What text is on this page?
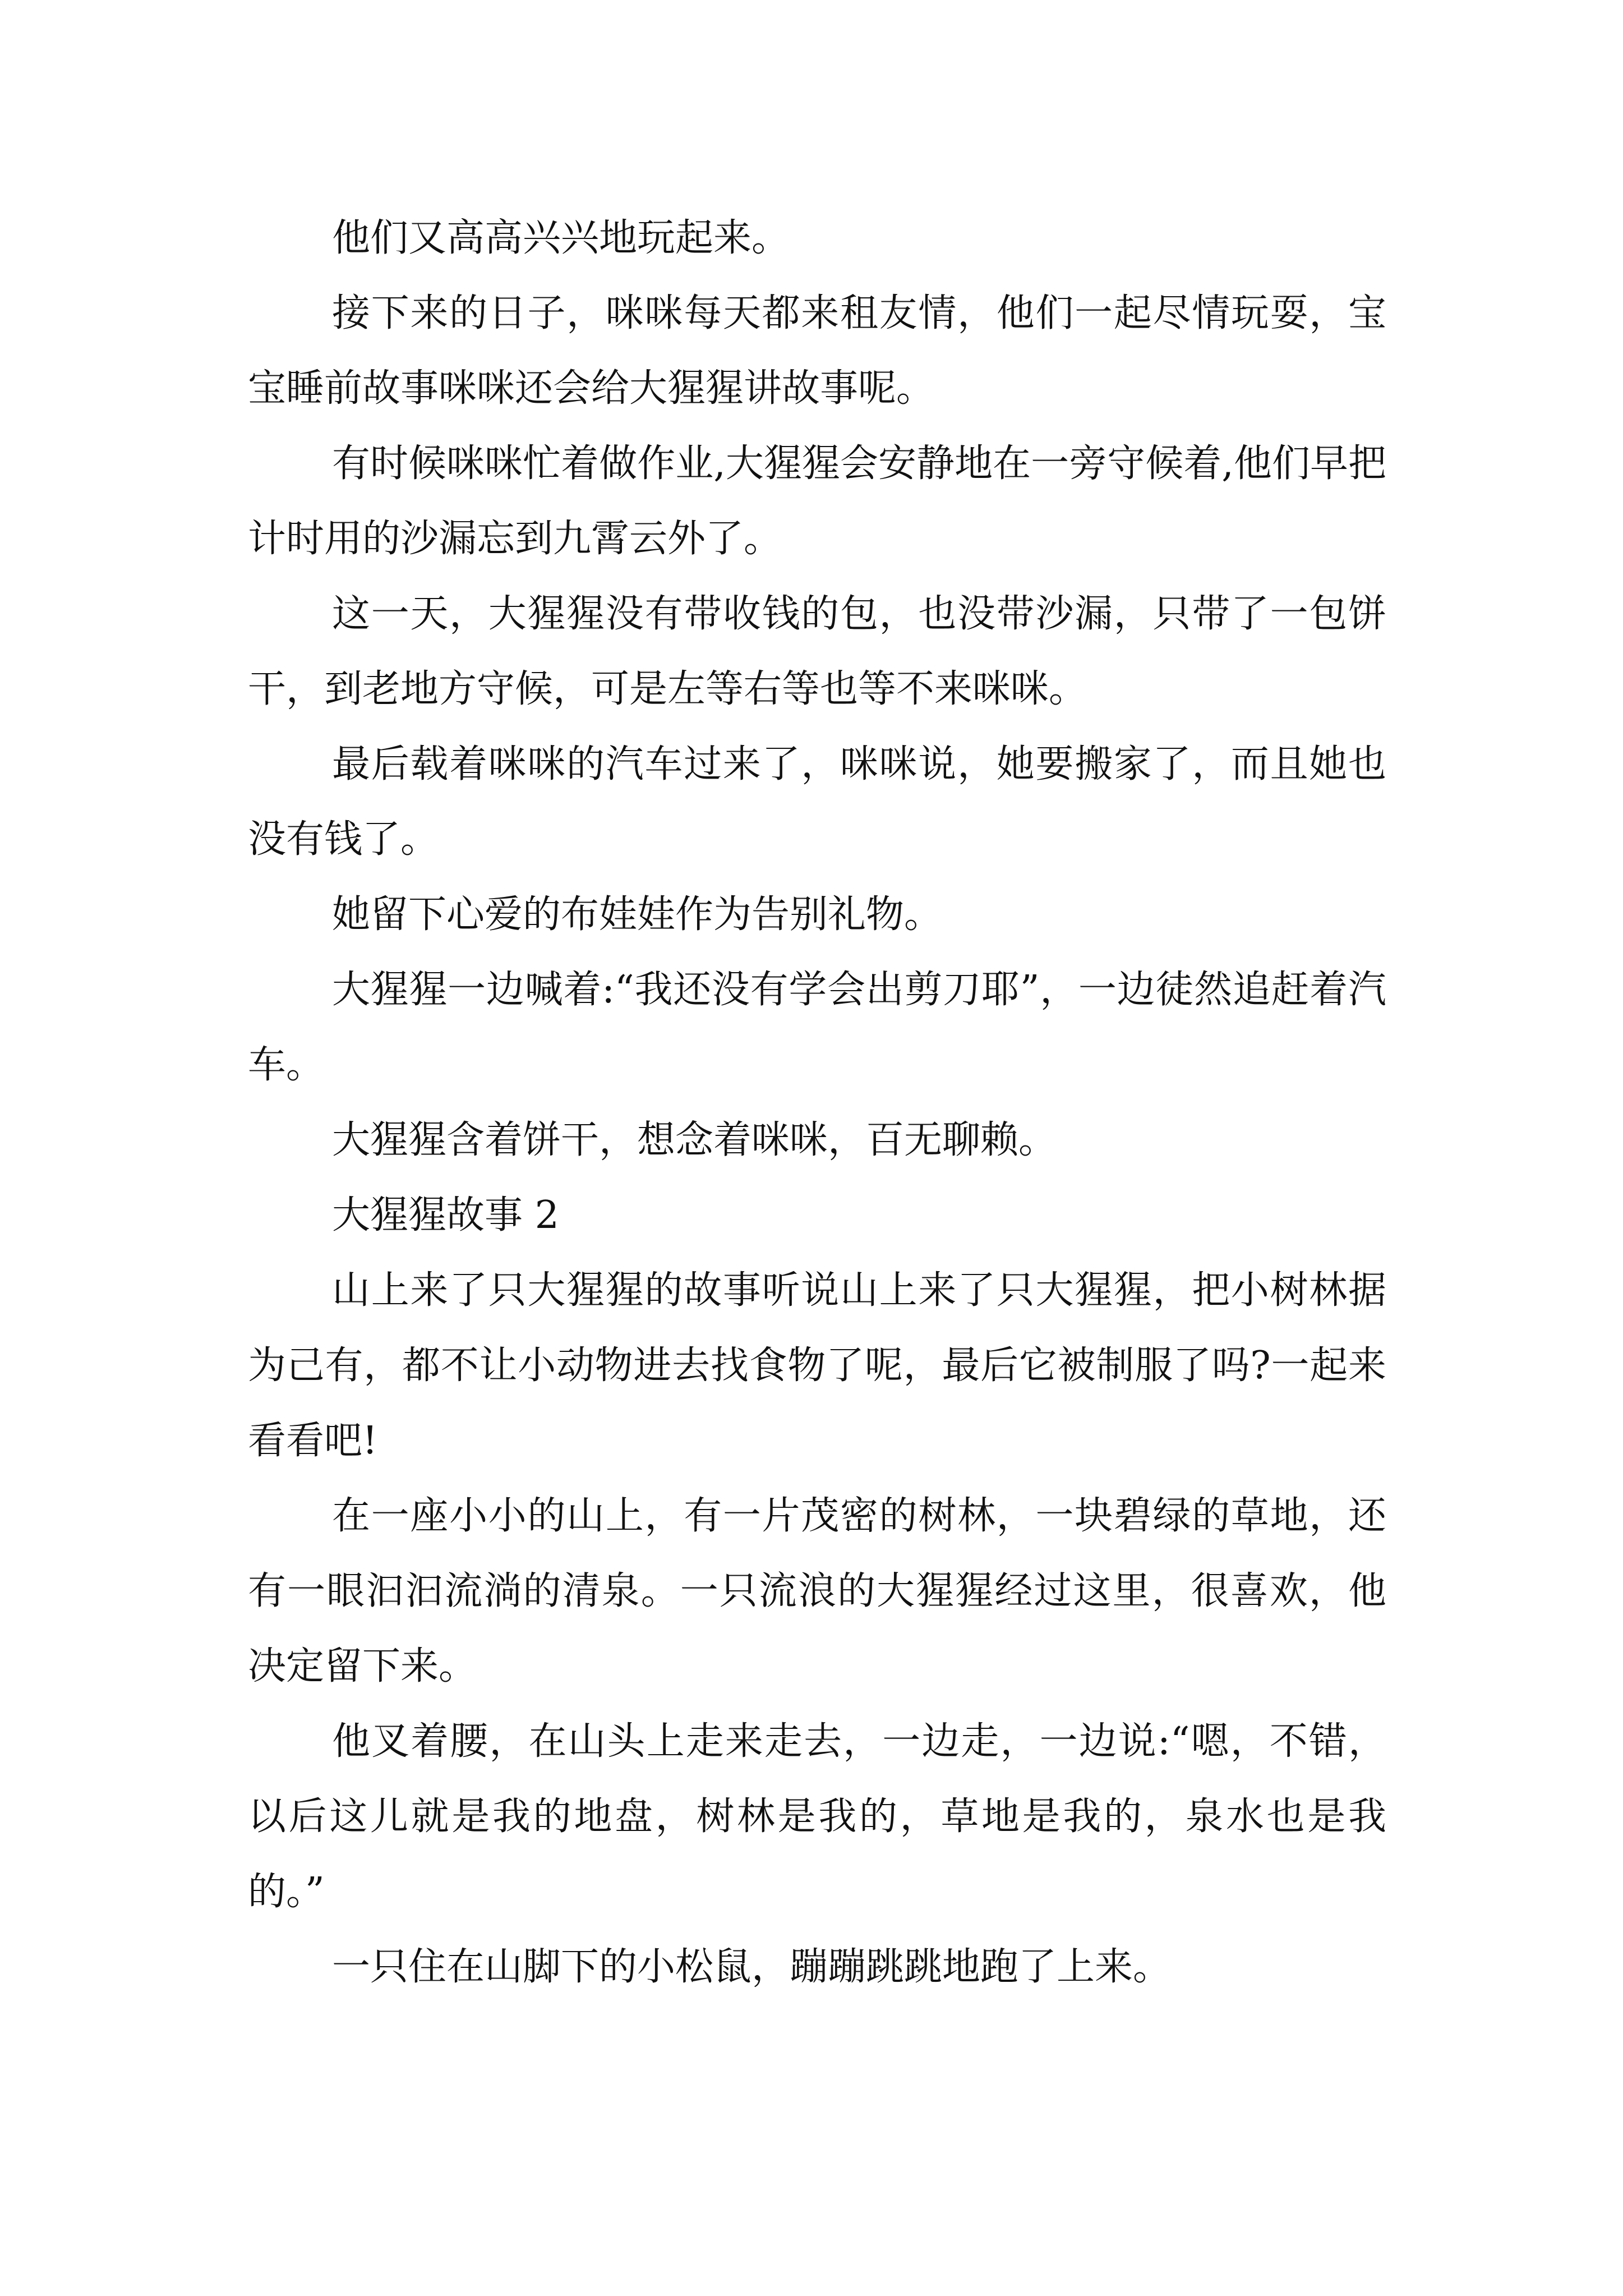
他们又高高兴兴地玩起来。

接下来的日子，咪咪每天都来租友情，他们一起尽情玩耍，宝宝睡前故事咪咪还会给大猩猩讲故事呢。

有时候咪咪忙着做作业,大猩猩会安静地在一旁守候着,他们早把计时用的沙漏忘到九霄云外了。

这一天，大猩猩没有带收钱的包，也没带沙漏，只带了一包饼干，到老地方守候，可是左等右等也等不来咪咪。

最后载着咪咪的汽车过来了，咪咪说，她要搬家了，而且她也没有钱了。

她留下心爱的布娃娃作为告别礼物。

大猩猩一边喊着:“我还没有学会出剪刀耶”，一边徒然追赶着汽车。

大猩猩含着饼干，想念着咪咪，百无聊赖。

大猩猩故事 2

山上来了只大猩猩的故事听说山上来了只大猩猩，把小树林据为己有，都不让小动物进去找食物了呢，最后它被制服了吗?一起来看看吧!

在一座小小的山上，有一片茂密的树林，一块碧绿的草地，还有一眼汩汩流淌的清泉。一只流浪的大猩猩经过这里，很喜欢，他决定留下来。

他叉着腰，在山头上走来走去，一边走，一边说:“嗯，不错，以后这儿就是我的地盘，树林是我的，草地是我的，泉水也是我的。”

一只住在山脚下的小松鼠，蹦蹦跳跳地跑了上来。
